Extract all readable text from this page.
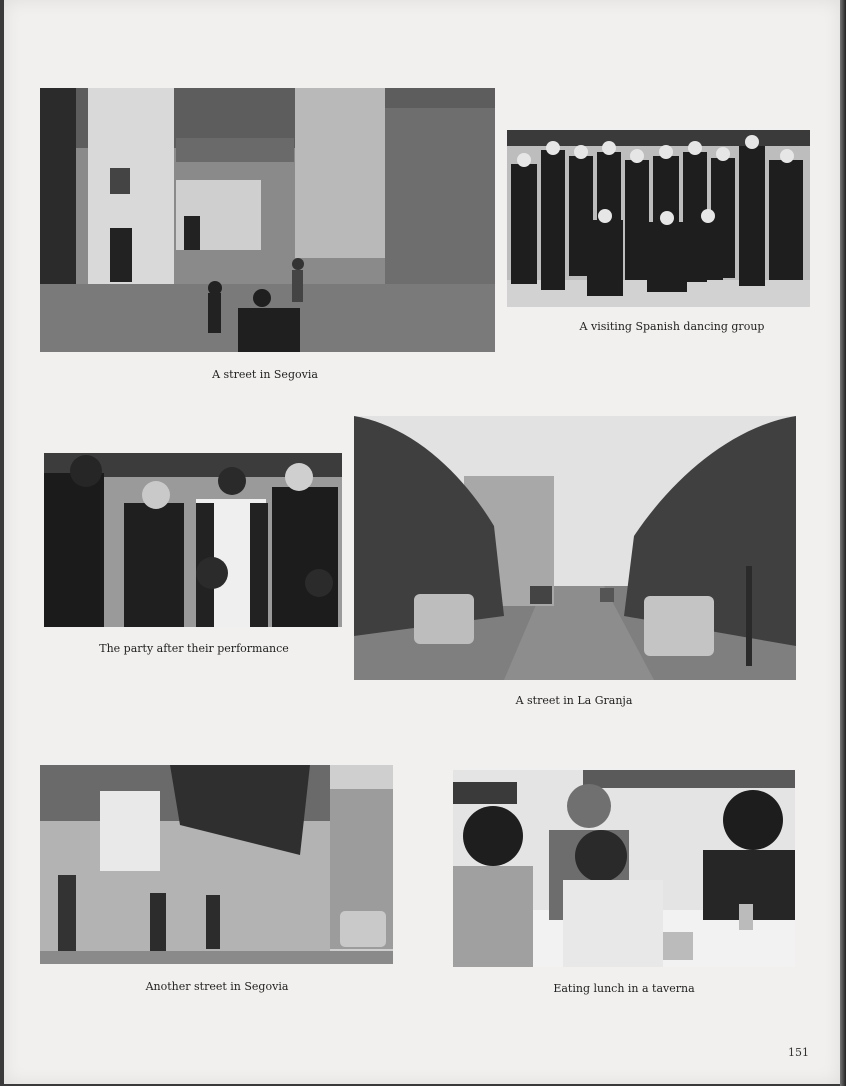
A street in Segovia
A visiting Spanish dancing group
The party after their performance
A street in La Granja
Another street in Segovia	Eating lunch in a taverna
151
